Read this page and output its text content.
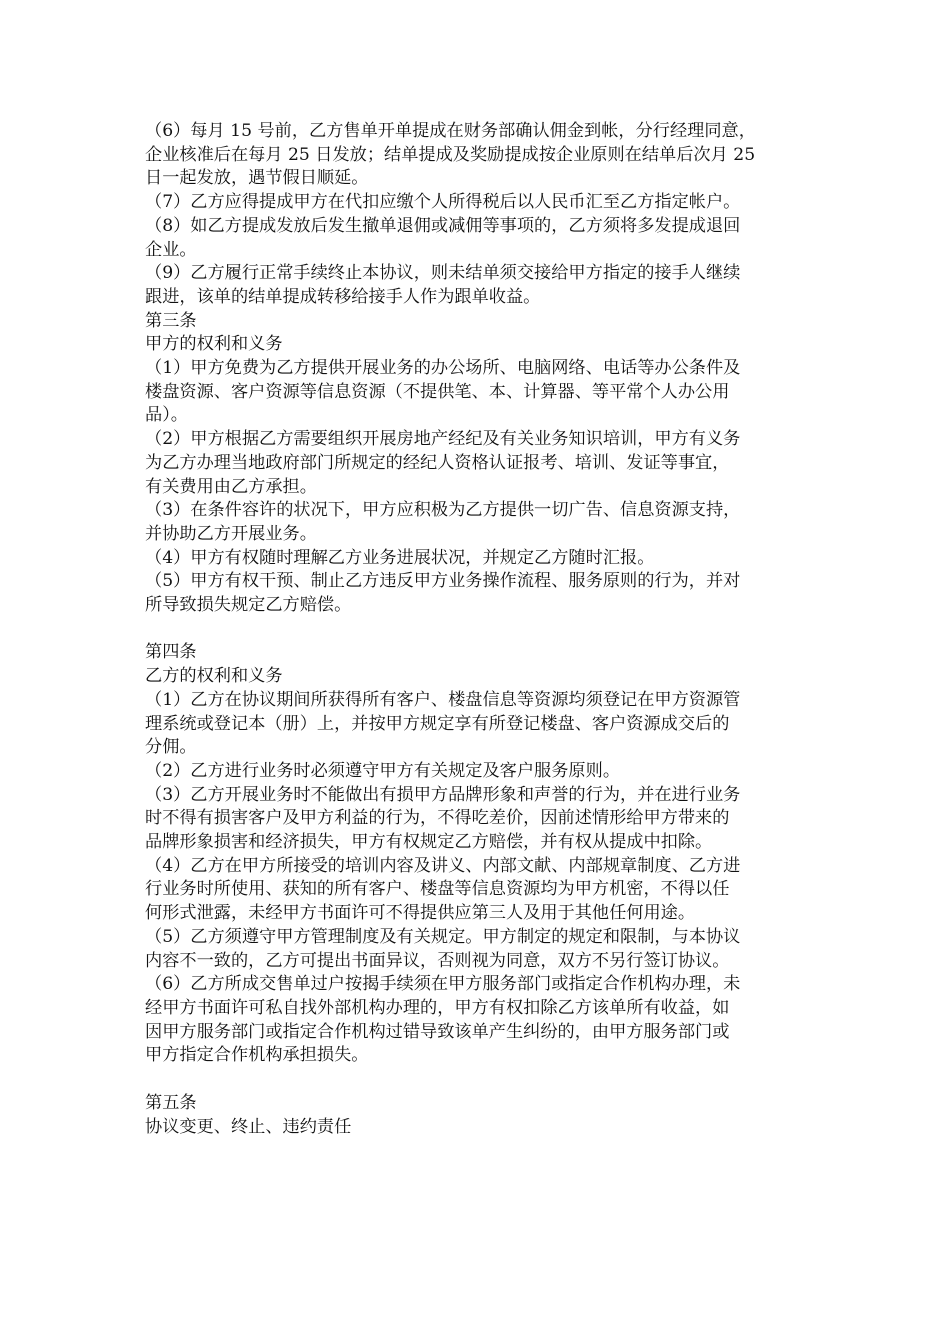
（6）每月 15 号前，乙方售单开单提成在财务部确认佣金到帐，分行经理同意，
企业核准后在每月 25 日发放；结单提成及奖励提成按企业原则在结单后次月 25
日一起发放，遇节假日顺延。

（7）乙方应得提成甲方在代扣应缴个人所得税后以人民币汇至乙方指定帐户。

（8）如乙方提成发放后发生撤单退佣或减佣等事项的，乙方须将多发提成退回
企业。

（9）乙方履行正常手续终止本协议，则未结单须交接给甲方指定的接手人继续
跟进，该单的结单提成转移给接手人作为跟单收益。

第三条

甲方的权利和义务

（1）甲方免费为乙方提供开展业务的办公场所、电脑网络、电话等办公条件及
楼盘资源、客户资源等信息资源（不提供笔、本、计算器、等平常个人办公用
品）。

（2）甲方根据乙方需要组织开展房地产经纪及有关业务知识培训，甲方有义务
为乙方办理当地政府部门所规定的经纪人资格认证报考、培训、发证等事宜，
有关费用由乙方承担。

（3）在条件容许的状况下，甲方应积极为乙方提供一切广告、信息资源支持，
并协助乙方开展业务。

（4）甲方有权随时理解乙方业务进展状况，并规定乙方随时汇报。

（5）甲方有权干预、制止乙方违反甲方业务操作流程、服务原则的行为，并对
所导致损失规定乙方赔偿。

第四条

乙方的权利和义务

（1）乙方在协议期间所获得所有客户、楼盘信息等资源均须登记在甲方资源管
理系统或登记本（册）上，并按甲方规定享有所登记楼盘、客户资源成交后的
分佣。

（2）乙方进行业务时必须遵守甲方有关规定及客户服务原则。

（3）乙方开展业务时不能做出有损甲方品牌形象和声誉的行为，并在进行业务
时不得有损害客户及甲方利益的行为，不得吃差价，因前述情形给甲方带来的
品牌形象损害和经济损失，甲方有权规定乙方赔偿，并有权从提成中扣除。

（4）乙方在甲方所接受的培训内容及讲义、内部文献、内部规章制度、乙方进
行业务时所使用、获知的所有客户、楼盘等信息资源均为甲方机密，不得以任
何形式泄露，未经甲方书面许可不得提供应第三人及用于其他任何用途。

（5）乙方须遵守甲方管理制度及有关规定。甲方制定的规定和限制，与本协议
内容不一致的，乙方可提出书面异议，否则视为同意，双方不另行签订协议。

（6）乙方所成交售单过户按揭手续须在甲方服务部门或指定合作机构办理，未
经甲方书面许可私自找外部机构办理的，甲方有权扣除乙方该单所有收益，如
因甲方服务部门或指定合作机构过错导致该单产生纠纷的，由甲方服务部门或
甲方指定合作机构承担损失。

第五条

协议变更、终止、违约责任
